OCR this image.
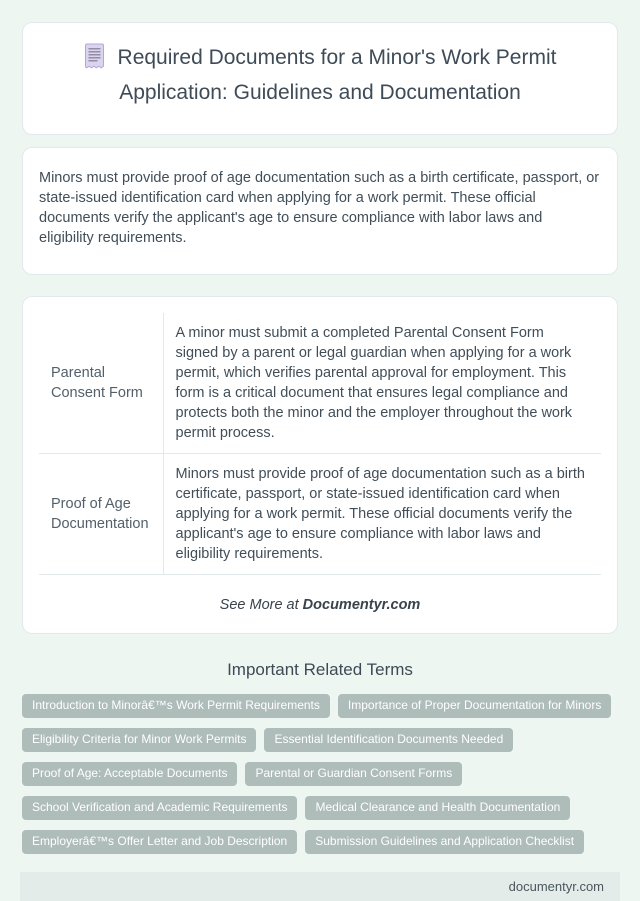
Required Documents for a Minor's Work Permit Application: Guidelines and Documentation
Minors must provide proof of age documentation such as a birth certificate, passport, or state-issued identification card when applying for a work permit. These official documents verify the applicant's age to ensure compliance with labor laws and eligibility requirements.
Parental Consent Form	A minor must submit a completed Parental Consent Form signed by a parent or legal guardian when applying for a work permit, which verifies parental approval for employment. This form is a critical document that ensures legal compliance and protects both the minor and the employer throughout the work permit process.
Proof of Age Documentation	Minors must provide proof of age documentation such as a birth certificate, passport, or state-issued identification card when applying for a work permit. These official documents verify the applicant's age to ensure compliance with labor laws and eligibility requirements.
See More at Documentyr.com
Important Related Terms
Introduction to Minorâ€™s Work Permit Requirements	Importance of Proper Documentation for Minors
Eligibility Criteria for Minor Work Permits	Essential Identification Documents Needed
Proof of Age: Acceptable Documents	Parental or Guardian Consent Forms
School Verification and Academic Requirements	Medical Clearance and Health Documentation
Employerâ€™s Offer Letter and Job Description	Submission Guidelines and Application Checklist
documentyr.com
